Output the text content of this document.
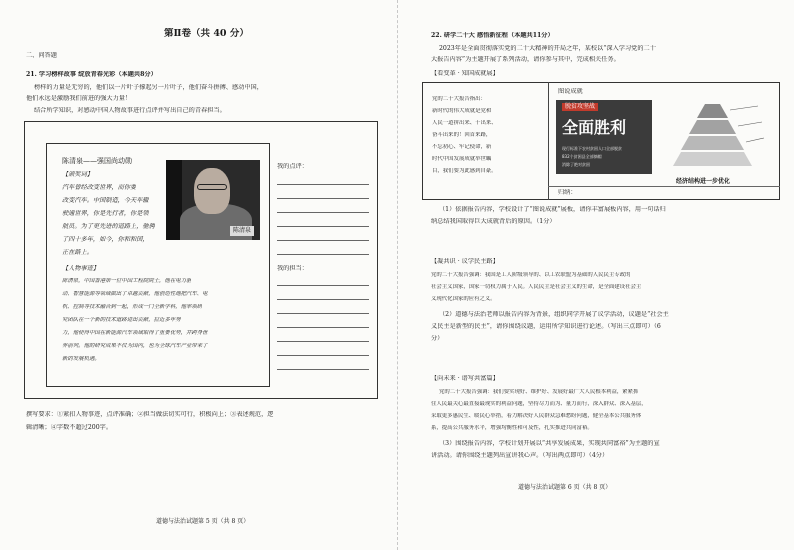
第Ⅱ卷（共 40 分）
二、问答题
21. 学习榜样故事 绽放青春光彩（本题共8分）
榜样的力量是无穷的，他们以一片叶子撑起另一片叶子，他们奋斗拼搏、感动中国，
他们永远是激励我们前进的强大力量！
结合所学知识，对感动中国人物故事进行点评并写出自己的青春担当。
陈清泉——强国尚动勋
【颁奖词】
汽车曾经改变世界，而你要
改变汽车。中国制造，今天车辙
驶通世界，你是先行者，你是领
航员。为了更先进的道路上，驰骋
了四十多年，如今，你和和国，
正在路上。
陈清泉
【人物事迹】
陈清泉，中国香港第一位中国工程院院士，他在电力驱
动、智慧能源等领域做出了卓越贡献，他创造性地把汽车、电
机、控制等技术融合到一起，形成一门全新学科，他率领研
究团队在一个新的技术道路进出贡献，拉近多年努
力，他使得中国在新能源汽车领域取得了重要优势，并跨身世
界前列。他的研究成果不仅为国内，也为全球汽车产业带来了
新的发展机遇。
我的点评：
我的担当：
撰写要求：①紧扣人物事迹，点评准确；②担当做法切实可行，积极向上；③表述规范，逻
辑清晰；④字数不超过200字。
道德与法治试题第 5 页（共 8 页）
22. 研学二十大 感悟新征程（本题共11分）
2023年是全面贯彻落实党的二十大精神的开局之年，某校以“深入学习党的二十
大报告内容”为主题开展了系列活动，请你参与其中，完成相关任务。
【看变革 · 知国成就展】
党的二十大报告指出：
新时代的伟大成就是党和
人民一道拼出来、干出来、
奋斗出来的！回首来路，
不忘初心、牢记使命，新
时代中国发展成就举世瞩
目，我们要为此感到自豪。
图说成就
脱贫攻坚战
全面胜利
现行标准下农村贫困人口全部脱贫
832个贫困县全部摘帽
消除了绝对贫困
经济结构进一步优化
归纳：
（1）依据报告内容，学校设计了“图说成就”展板，请你丰富展板内容，用一句话归
纳总结我国取得巨大成就背后的原因。（1分）
【凝共识 · 议学民主路】
党的二十大报告强调：我国是工人阶级领导的、以工农联盟为基础的人民民主专政的
社会主义国家，国家一切权力属于人民。人民民主是社会主义的生命，是全面建设社会主
义现代化国家的应有之义。
（2）道德与法治老师以报告内容为背景，组织同学开展了议学活动，议题是“社会主
义民主是新型的民主”，请你围绕议题，运用所学知识进行论述。（写出三点即可）（6
分）
【向未来 · 谱写共富篇】
党的二十大报告强调：我们要实现好、维护好、发展好最广大人民根本利益，紧紧抓
住人民最关心最直接最现实的利益问题，坚持尽力而为、量力而行，深入群众、深入基层，
采取更多惠民生、暖民心举措，着力解决好人民群众急难愁盼问题，健全基本公共服务体
系，提高公共服务水平，增强均衡性和可及性，扎实推进共同富裕。
（3）围绕报告内容，学校计划开展以“共享发展成果，实现共同富裕”为主题的宣
讲活动。请你围绕主题列出宣讲我心声。（写出两点即可）（4分）
道德与法治试题第 6 页（共 8 页）
